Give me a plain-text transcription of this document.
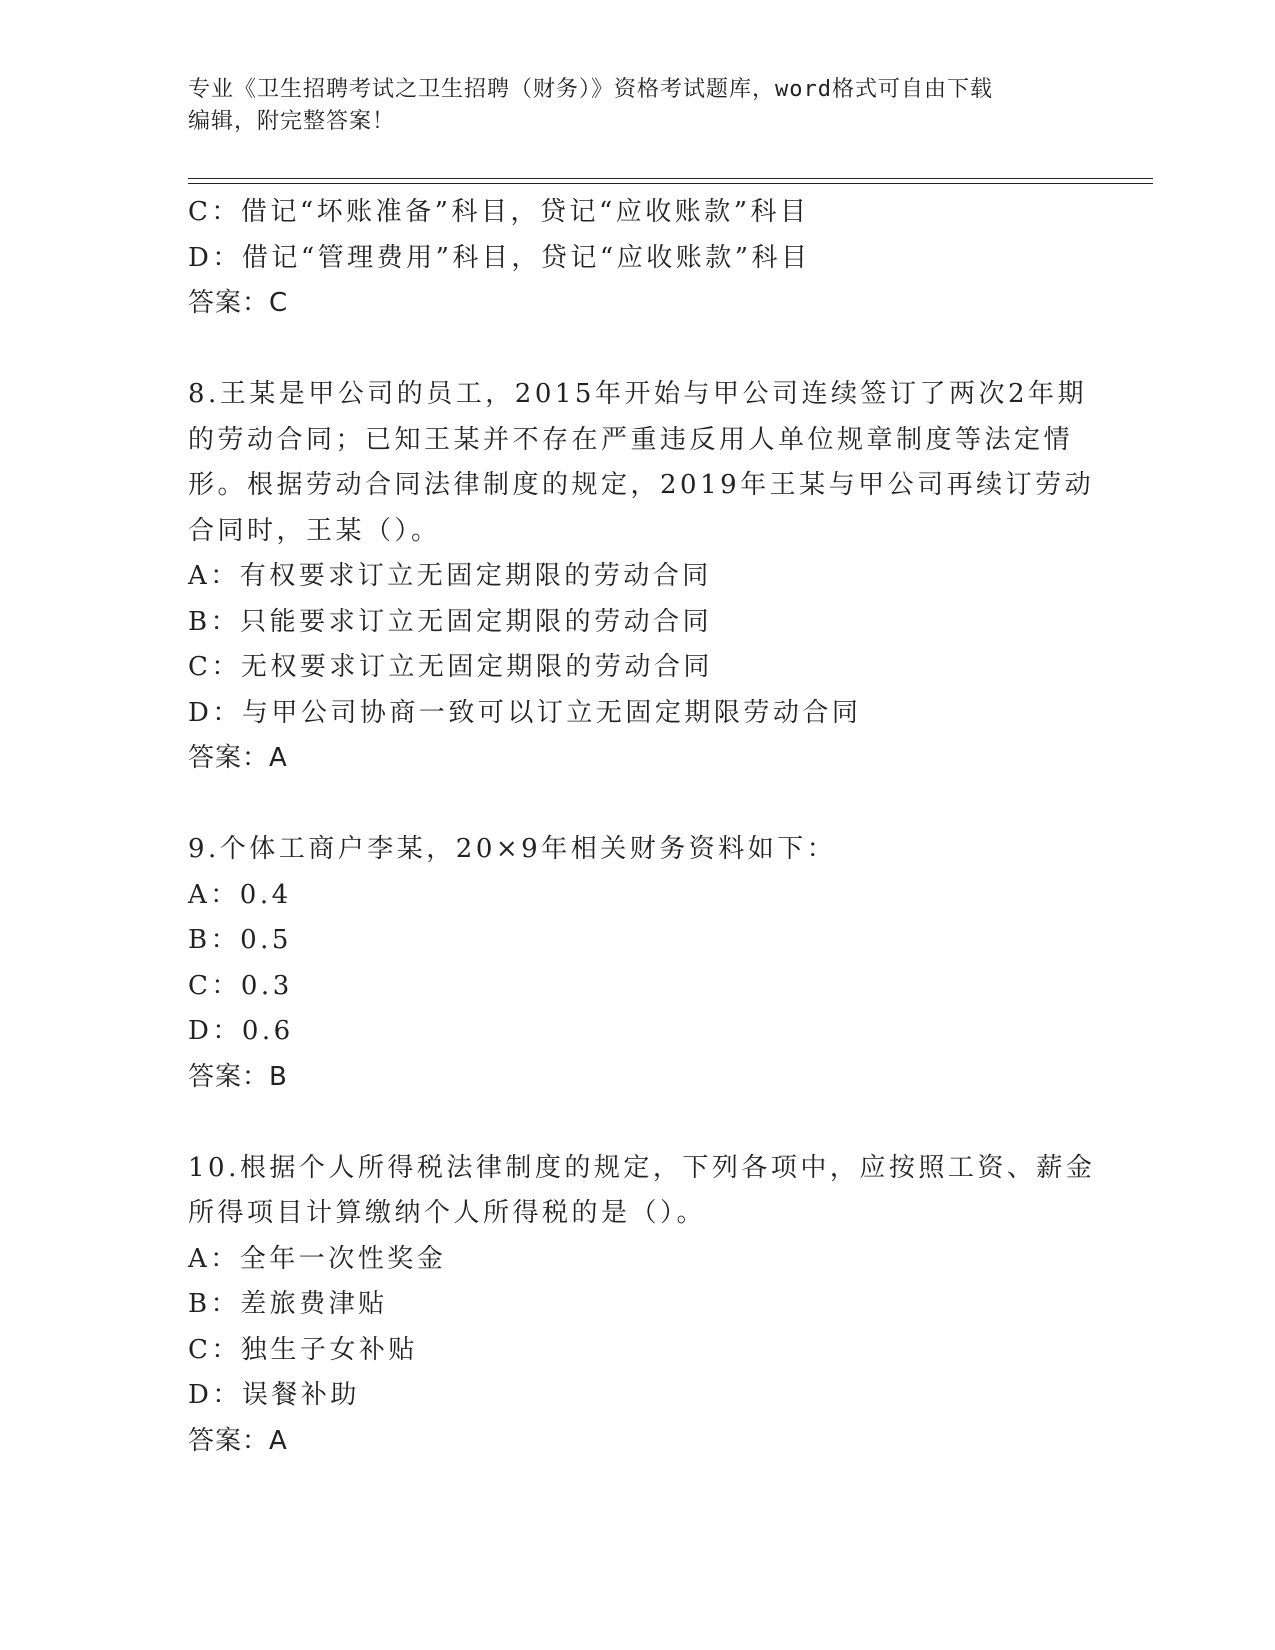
专业《卫生招聘考试之卫生招聘（财务）》资格考试题库，word格式可自由下载
编辑，附完整答案！
C：借记“坏账准备”科目，贷记“应收账款”科目
D：借记“管理费用”科目，贷记“应收账款”科目
答案：C
8.王某是甲公司的员工，2015年开始与甲公司连续签订了两次2年期
的劳动合同；已知王某并不存在严重违反用人单位规章制度等法定情
形。根据劳动合同法律制度的规定，2019年王某与甲公司再续订劳动
合同时，王某（）。
A：有权要求订立无固定期限的劳动合同
B：只能要求订立无固定期限的劳动合同
C：无权要求订立无固定期限的劳动合同
D：与甲公司协商一致可以订立无固定期限劳动合同
答案：A
9.个体工商户李某，20×9年相关财务资料如下：
A：0.4
B：0.5
C：0.3
D：0.6
答案：B
10.根据个人所得税法律制度的规定，下列各项中，应按照工资、薪金
所得项目计算缴纳个人所得税的是（）。
A：全年一次性奖金
B：差旅费津贴
C：独生子女补贴
D：误餐补助
答案：A
